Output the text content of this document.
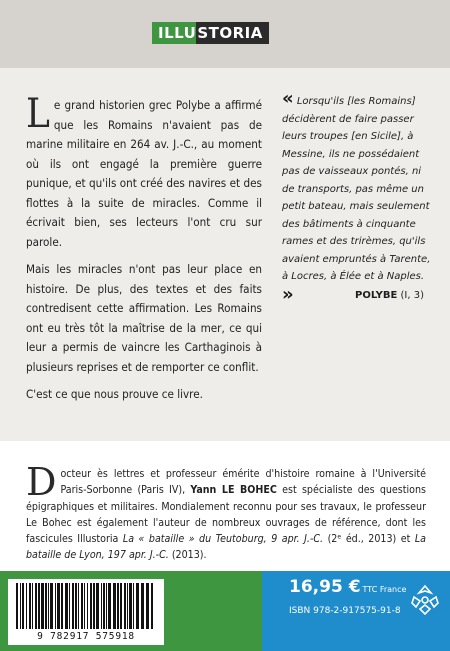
ILLU STORIA

Le grand historien grec Polybe a affirmé que les Romains n'avaient pas de marine militaire en 264 av. J.-C., au moment où ils ont engagé la première guerre punique, et qu'ils ont créé des navires et des flottes à la suite de miracles. Comme il écrivait bien, ses lecteurs l'ont cru sur parole.

Mais les miracles n'ont pas leur place en histoire. De plus, des textes et des faits contredisent cette affirmation. Les Romains ont eu très tôt la maîtrise de la mer, ce qui leur a permis de vaincre les Carthaginois à plusieurs reprises et de remporter ce conflit.

C'est ce que nous prouve ce livre.

« Lorsqu'ils [les Romains] décidèrent de faire passer leurs troupes [en Sicile], à Messine, ils ne possédaient pas de vaisseaux pontés, ni de transports, pas même un petit bateau, mais seulement des bâtiments à cinquante rames et des trirèmes, qu'ils avaient empruntés à Tarente, à Locres, à Élée et à Naples. »	POLYBE (I, 3)
Docteur ès lettres et professeur émérite d'histoire romaine à l'Université Paris-Sorbonne (Paris IV), Yann LE BOHEC est spécialiste des questions épigraphiques et militaires. Mondialement reconnu pour ses travaux, le professeur Le Bohec est également l'auteur de nombreux ouvrages de référence, dont les fascicules Illustoria La « bataille » du Teutoburg, 9 apr. J.-C. (2ᵉ éd., 2013) et La bataille de Lyon, 197 apr. J.-C. (2013).
9 782917 575918
16,95 € TTC France
ISBN 978-2-917575-91-8
